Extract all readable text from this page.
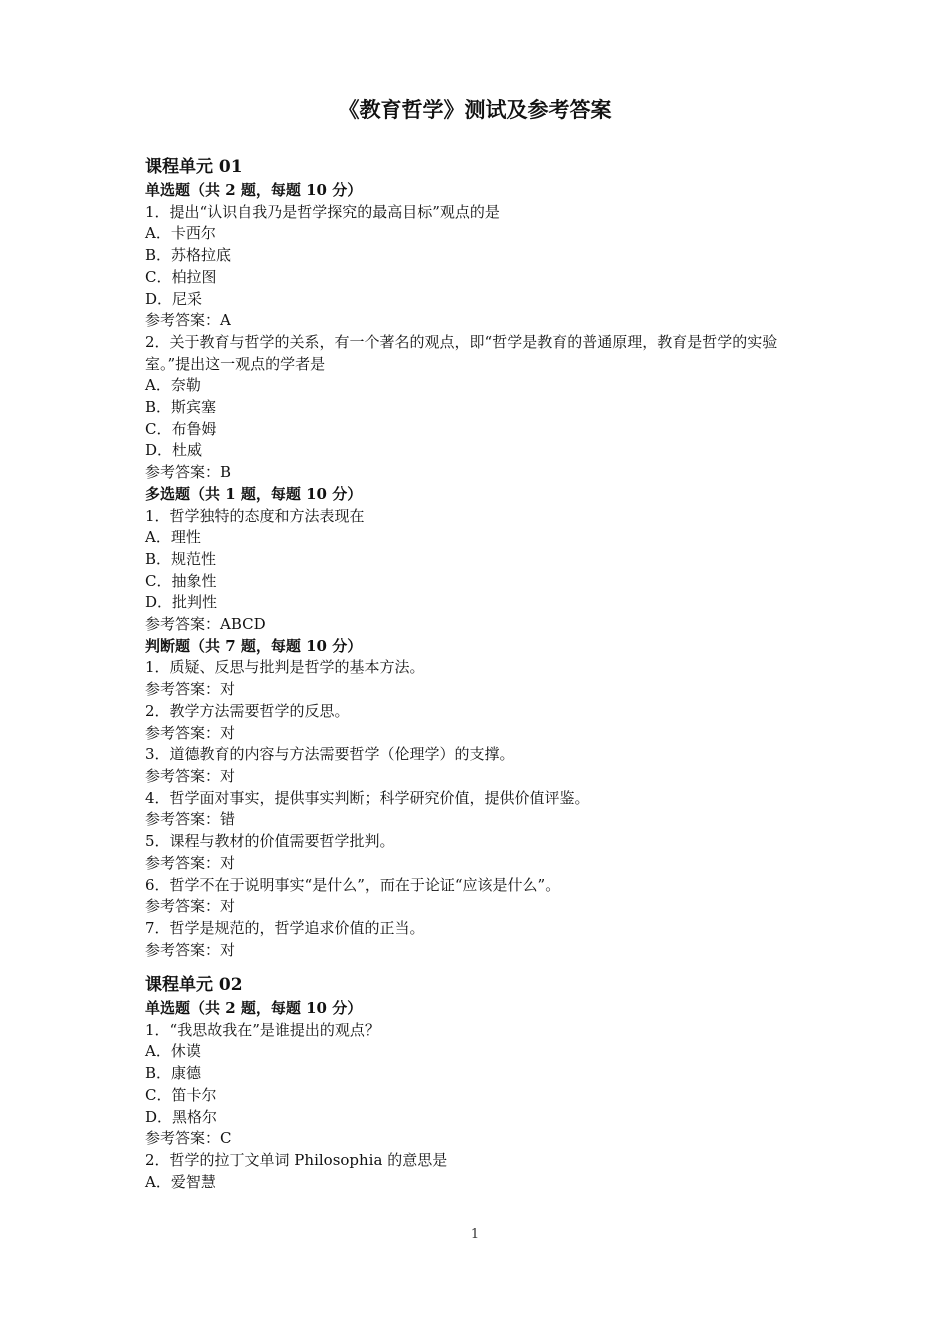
《教育哲学》测试及参考答案
课程单元 01
单选题（共 2 题，每题 10 分）
1．提出“认识自我乃是哲学探究的最高目标”观点的是
A．卡西尔
B．苏格拉底
C．柏拉图
D．尼采
参考答案：A
2．关于教育与哲学的关系，有一个著名的观点，即“哲学是教育的普通原理，教育是哲学的实验室。”提出这一观点的学者是
A．奈勒
B．斯宾塞
C．布鲁姆
D．杜威
参考答案：B
多选题（共 1 题，每题 10 分）
1．哲学独特的态度和方法表现在
A．理性
B．规范性
C．抽象性
D．批判性
参考答案：ABCD
判断题（共 7 题，每题 10 分）
1．质疑、反思与批判是哲学的基本方法。
参考答案：对
2．教学方法需要哲学的反思。
参考答案：对
3．道德教育的内容与方法需要哲学（伦理学）的支撑。
参考答案：对
4．哲学面对事实，提供事实判断；科学研究价值，提供价值评鉴。
参考答案：错
5．课程与教材的价值需要哲学批判。
参考答案：对
6．哲学不在于说明事实“是什么”，而在于论证“应该是什么”。
参考答案：对
7．哲学是规范的，哲学追求价值的正当。
参考答案：对
课程单元 02
单选题（共 2 题，每题 10 分）
1．“我思故我在”是谁提出的观点？
A．休谟
B．康德
C．笛卡尔
D．黑格尔
参考答案：C
2．哲学的拉丁文单词 Philosophia 的意思是
A．爱智慧
1
